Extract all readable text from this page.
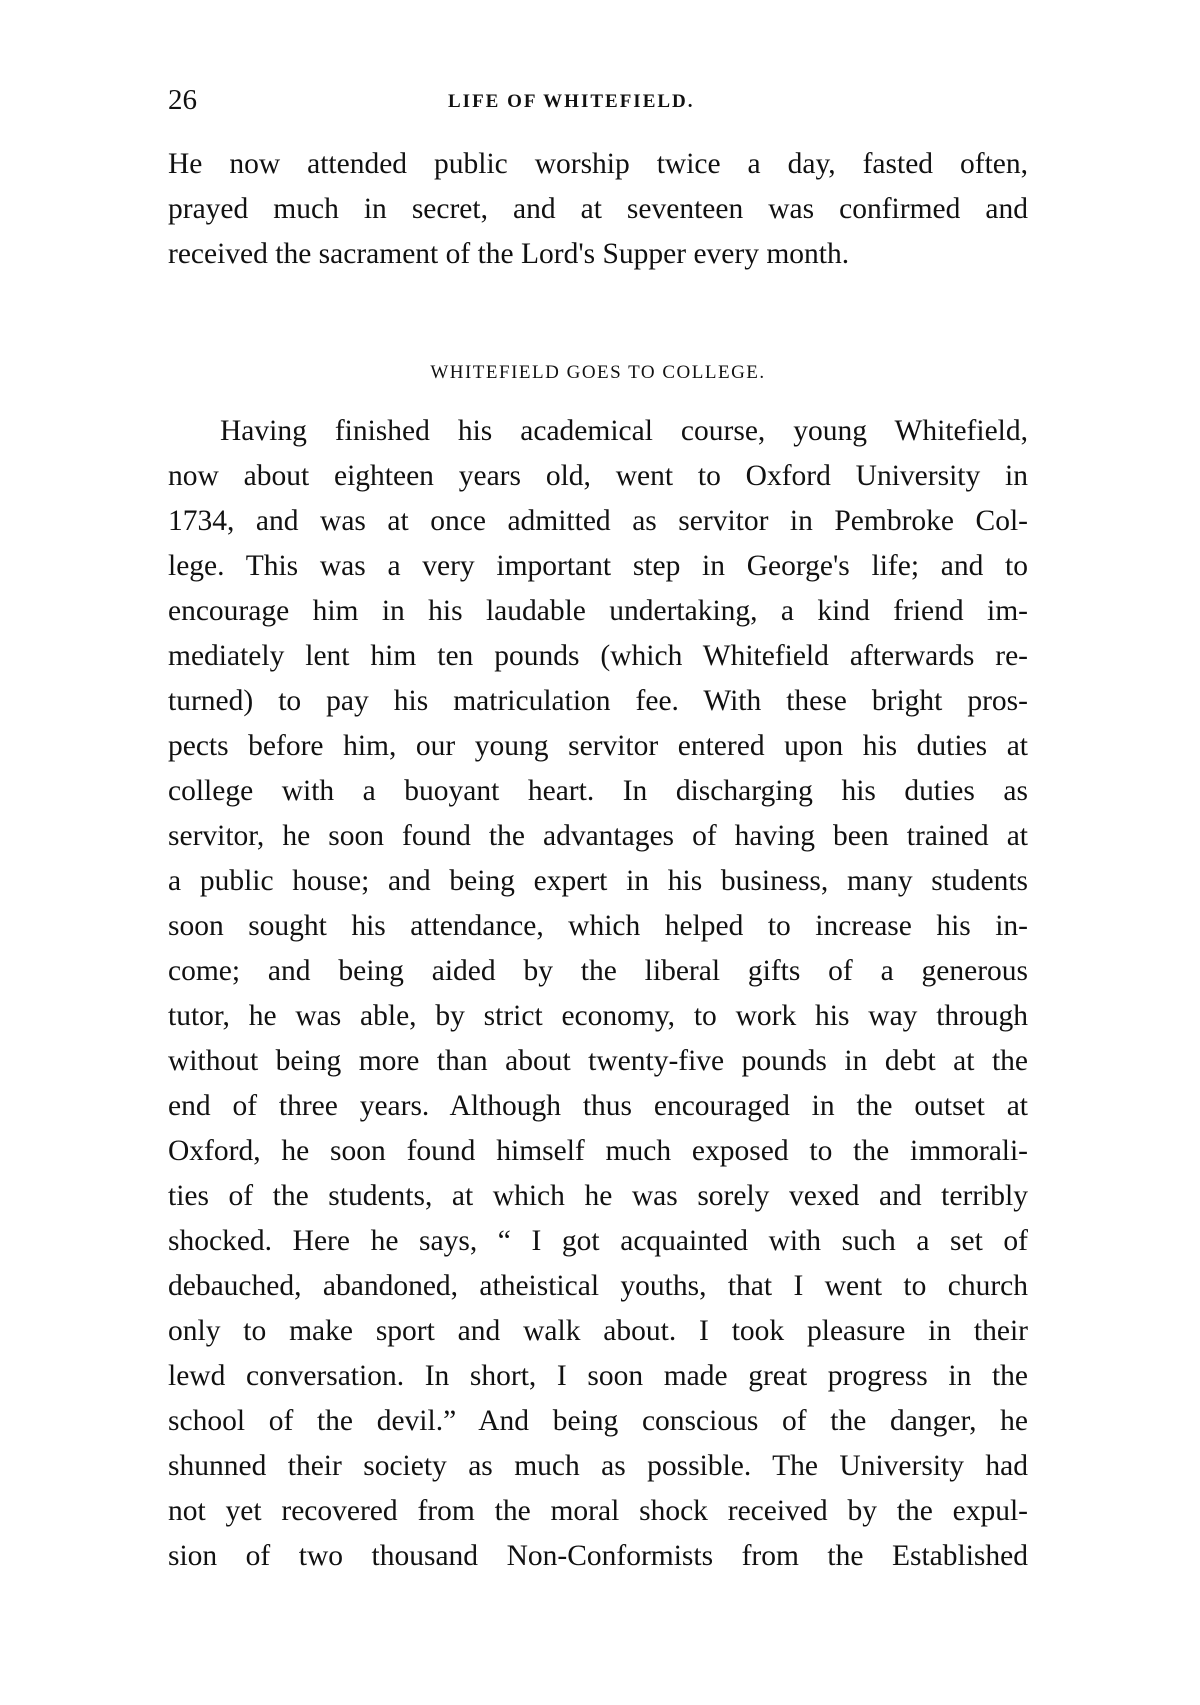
26	LIFE OF WHITEFIELD.
He now attended public worship twice a day, fasted often,
prayed much in secret, and at seventeen was confirmed and
received the sacrament of the Lord's Supper every month.
WHITEFIELD GOES TO COLLEGE.
Having finished his academical course, young Whitefield,
now about eighteen years old, went to Oxford University in
1734, and was at once admitted as servitor in Pembroke Col-
lege. This was a very important step in George's life; and to
encourage him in his laudable undertaking, a kind friend im-
mediately lent him ten pounds (which Whitefield afterwards re-
turned) to pay his matriculation fee. With these bright pros-
pects before him, our young servitor entered upon his duties at
college with a buoyant heart. In discharging his duties as
servitor, he soon found the advantages of having been trained at
a public house; and being expert in his business, many students
soon sought his attendance, which helped to increase his in-
come; and being aided by the liberal gifts of a generous
tutor, he was able, by strict economy, to work his way through
without being more than about twenty-five pounds in debt at the
end of three years. Although thus encouraged in the outset at
Oxford, he soon found himself much exposed to the immorali-
ties of the students, at which he was sorely vexed and terribly
shocked. Here he says, “ I got acquainted with such a set of
debauched, abandoned, atheistical youths, that I went to church
only to make sport and walk about. I took pleasure in their
lewd conversation. In short, I soon made great progress in the
school of the devil.” And being conscious of the danger, he
shunned their society as much as possible. The University had
not yet recovered from the moral shock received by the expul-
sion of two thousand Non-Conformists from the Established
